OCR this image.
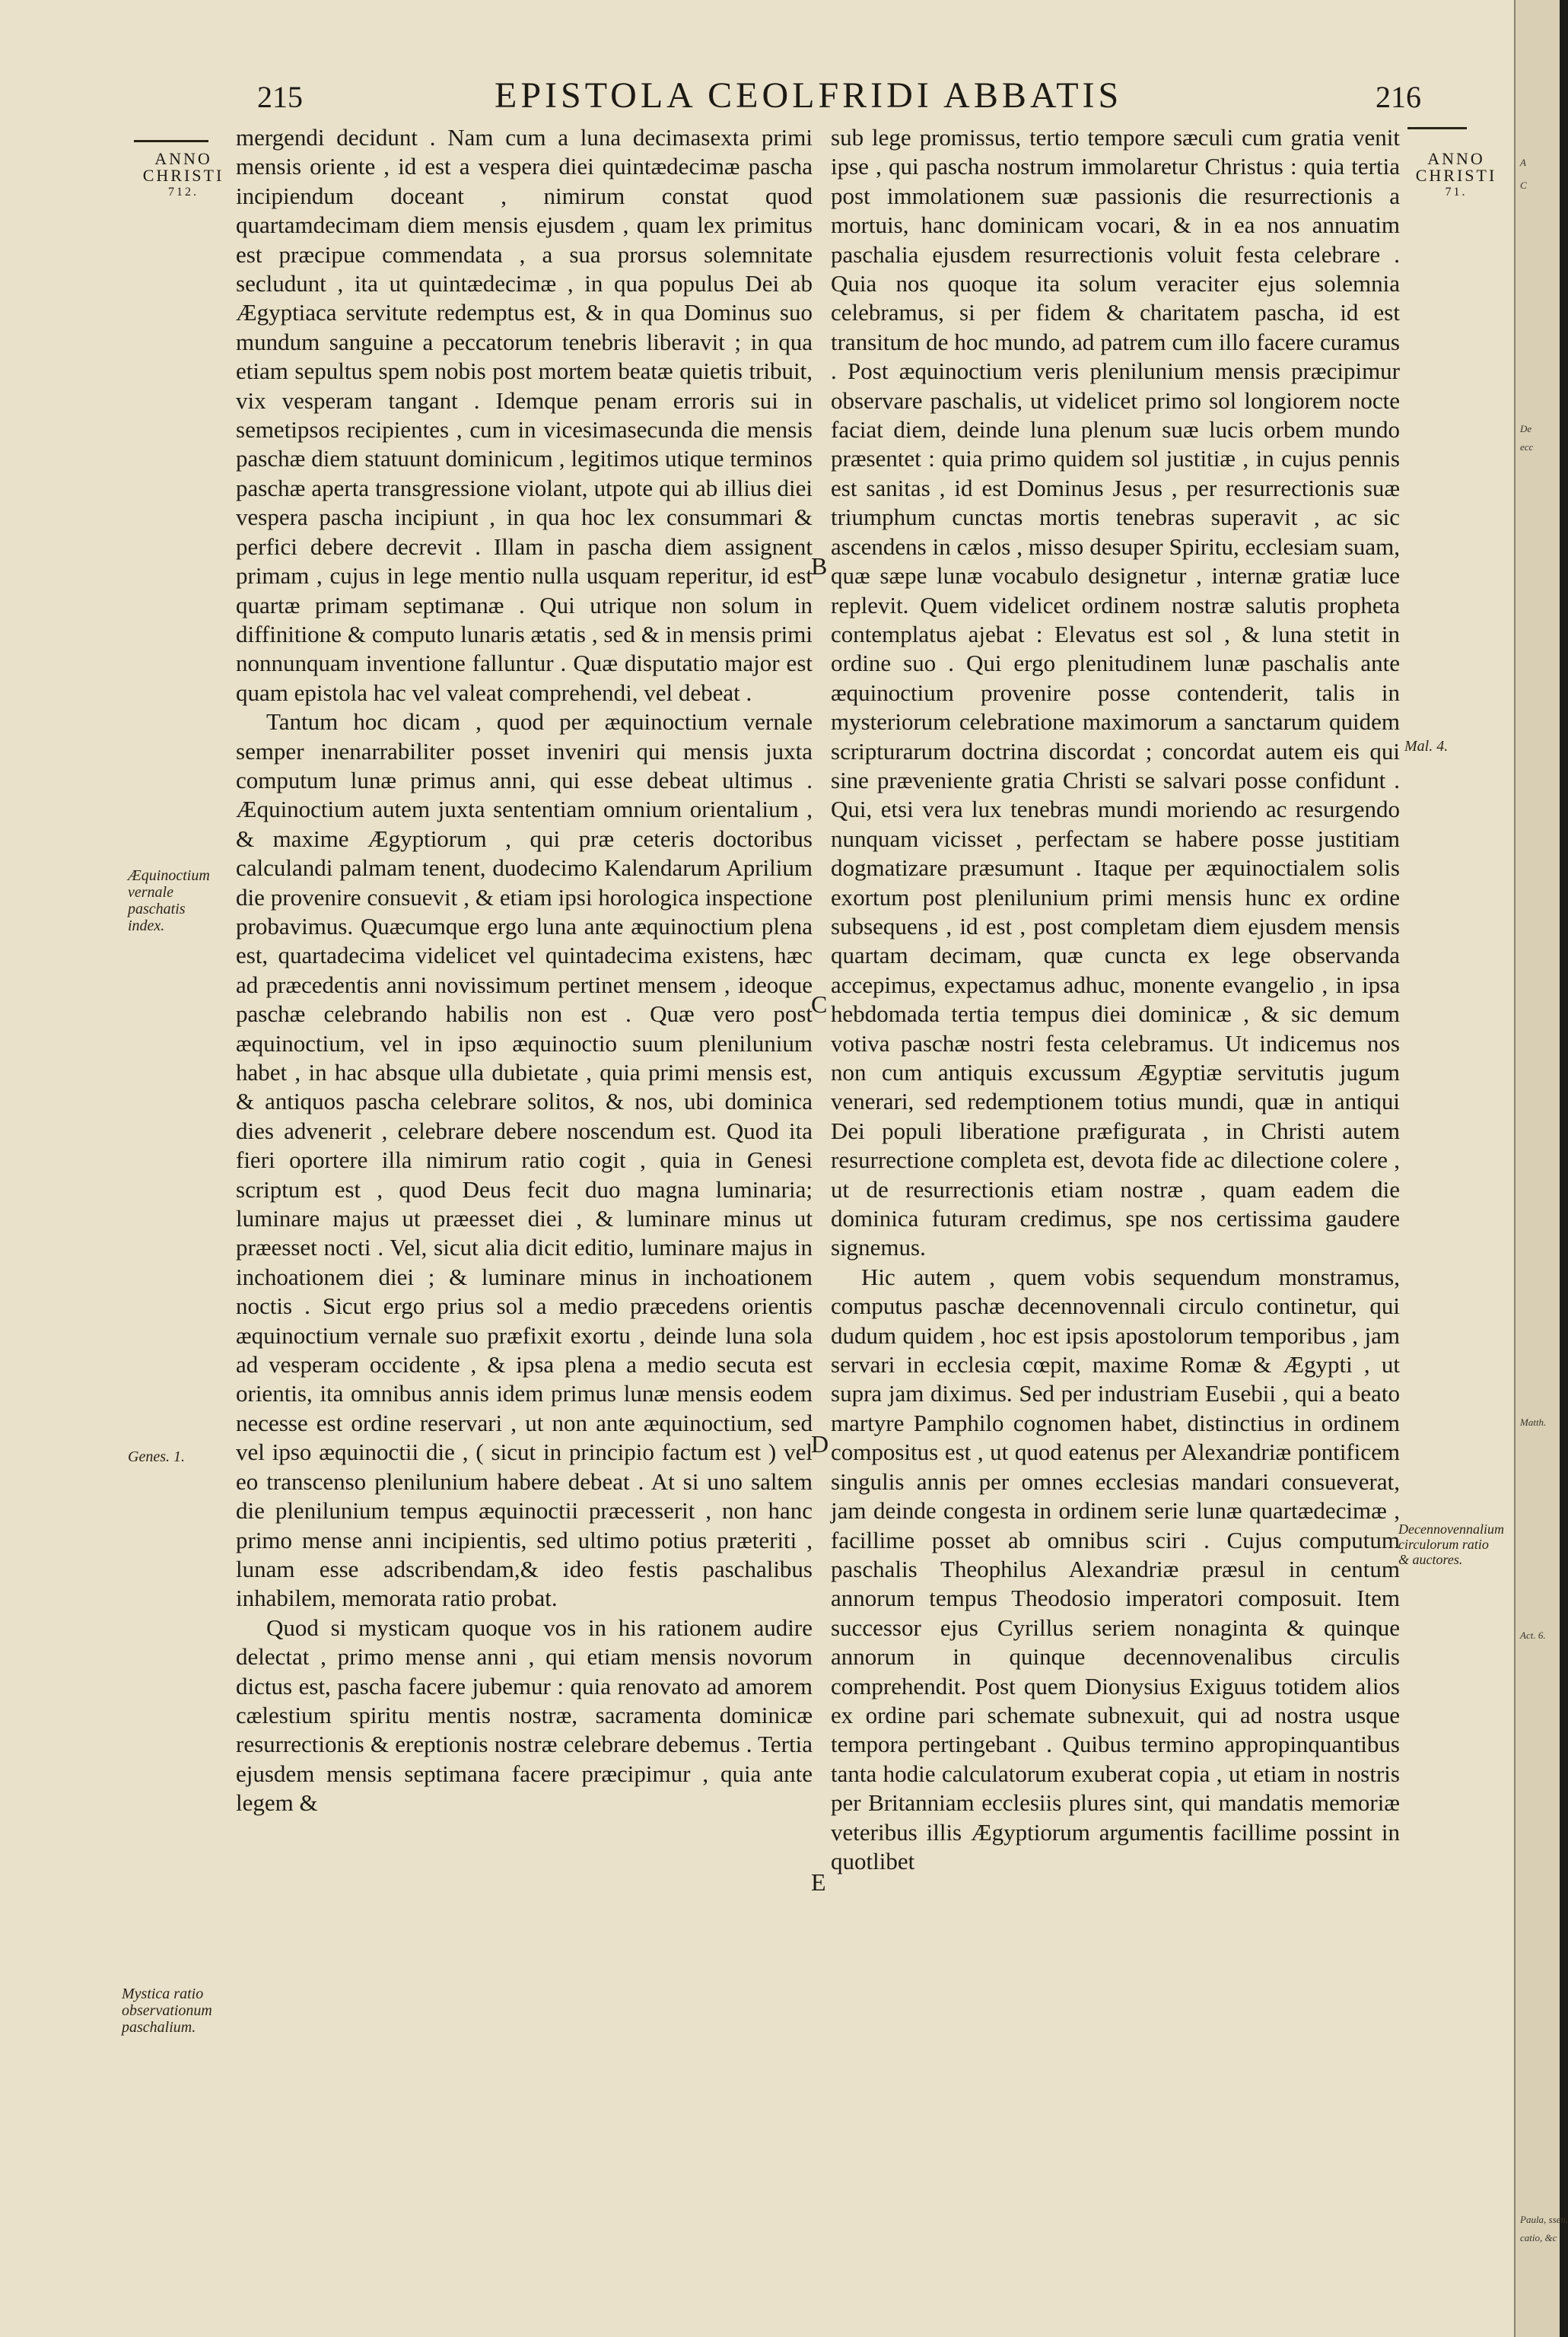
215	EPISTOLA CEOLFRIDI ABBATIS	216
ANNO
CHRISTI
712.
ANNO
CHRISTI
71.
Æquinoctium vernale paschatis index.
Genes. 1.
Mystica ratio observationum paschalium.
Mal. 4.
Decennovennalium circulorum ratio & auctores.
B
C
D
E

mergendi decidunt . Nam cum a luna decimasexta primi mensis oriente , id est a vespera diei quintædecimæ pascha incipiendum doceant , nimirum constat quod quartamdecimam diem mensis ejusdem , quam lex primitus est præcipue commendata , a sua prorsus solemnitate secludunt , ita ut quintædecimæ , in qua populus Dei ab Ægyptiaca servitute redemptus est, & in qua Dominus suo mundum sanguine a peccatorum tenebris liberavit ; in qua etiam sepultus spem nobis post mortem beatæ quietis tribuit, vix vesperam tangant . Idemque penam erroris sui in semetipsos recipientes , cum in vicesimasecunda die mensis paschæ diem statuunt dominicum , legitimos utique terminos paschæ aperta transgressione violant, utpote qui ab illius diei vespera pascha incipiunt , in qua hoc lex consummari & perfici debere decrevit . Illam in pascha diem assignent primam , cujus in lege mentio nulla usquam reperitur, id est quartæ primam septimanæ . Qui utrique non solum in diffinitione & computo lunaris ætatis , sed & in mensis primi nonnunquam inventione falluntur . Quæ disputatio major est quam epistola hac vel valeat comprehendi, vel debeat .

Tantum hoc dicam , quod per æquinoctium vernale semper inenarrabiliter posset inveniri qui mensis juxta computum lunæ primus anni, qui esse debeat ultimus . Æquinoctium autem juxta sententiam omnium orientalium , & maxime Ægyptiorum , qui præ ceteris doctoribus calculandi palmam tenent, duodecimo Kalendarum Aprilium die provenire consuevit , & etiam ipsi horologica inspectione probavimus. Quæcumque ergo luna ante æquinoctium plena est, quartadecima videlicet vel quintadecima existens, hæc ad præcedentis anni novissimum pertinet mensem , ideoque paschæ celebrando habilis non est . Quæ vero post æquinoctium, vel in ipso æquinoctio suum plenilunium habet , in hac absque ulla dubietate , quia primi mensis est, & antiquos pascha celebrare solitos, & nos, ubi dominica dies advenerit , celebrare debere noscendum est. Quod ita fieri oportere illa nimirum ratio cogit , quia in Genesi scriptum est , quod Deus fecit duo magna luminaria; luminare majus ut præesset diei , & luminare minus ut præesset nocti . Vel, sicut alia dicit editio, luminare majus in inchoationem diei ; & luminare minus in inchoationem noctis . Sicut ergo prius sol a medio præcedens orientis æquinoctium vernale suo præfixit exortu , deinde luna sola ad vesperam occidente , & ipsa plena a medio secuta est orientis, ita omnibus annis idem primus lunæ mensis eodem necesse est ordine reservari , ut non ante æquinoctium, sed vel ipso æquinoctii die , ( sicut in principio factum est ) vel eo transcenso plenilunium habere debeat . At si uno saltem die plenilunium tempus æquinoctii præcesserit , non hanc primo mense anni incipientis, sed ultimo potius præteriti , lunam esse adscribendam,& ideo festis paschalibus inhabilem, memorata ratio probat.

Quod si mysticam quoque vos in his rationem audire delectat , primo mense anni , qui etiam mensis novorum dictus est, pascha facere jubemur : quia renovato ad amorem cælestium spiritu mentis nostræ, sacramenta dominicæ resurrectionis & ereptionis nostræ celebrare debemus . Tertia ejusdem mensis septimana facere præcipimur , quia ante legem &

sub lege promissus, tertio tempore sæculi cum gratia venit ipse , qui pascha nostrum immolaretur Christus : quia tertia post immolationem suæ passionis die resurrectionis a mortuis, hanc dominicam vocari, & in ea nos annuatim paschalia ejusdem resurrectionis voluit festa celebrare . Quia nos quoque ita solum veraciter ejus solemnia celebramus, si per fidem & charitatem pascha, id est transitum de hoc mundo, ad patrem cum illo facere curamus . Post æquinoctium veris plenilunium mensis præcipimur observare paschalis, ut videlicet primo sol longiorem nocte faciat diem, deinde luna plenum suæ lucis orbem mundo præsentet : quia primo quidem sol justitiæ , in cujus pennis est sanitas , id est Dominus Jesus , per resurrectionis suæ triumphum cunctas mortis tenebras superavit , ac sic ascendens in cælos , misso desuper Spiritu, ecclesiam suam, quæ sæpe lunæ vocabulo designetur , internæ gratiæ luce replevit. Quem videlicet ordinem nostræ salutis propheta contemplatus ajebat : Elevatus est sol , & luna stetit in ordine suo . Qui ergo plenitudinem lunæ paschalis ante æquinoctium provenire posse contenderit, talis in mysteriorum celebratione maximorum a sanctarum quidem scripturarum doctrina discordat ; concordat autem eis qui sine præveniente gratia Christi se salvari posse confidunt . Qui, etsi vera lux tenebras mundi moriendo ac resurgendo nunquam vicisset , perfectam se habere posse justitiam dogmatizare præsumunt . Itaque per æquinoctialem solis exortum post plenilunium primi mensis hunc ex ordine subsequens , id est , post completam diem ejusdem mensis quartam decimam, quæ cuncta ex lege observanda accepimus, expectamus adhuc, monente evangelio , in ipsa hebdomada tertia tempus diei dominicæ , & sic demum votiva paschæ nostri festa celebramus. Ut indicemus nos non cum antiquis excussum Ægyptiæ servitutis jugum venerari, sed redemptionem totius mundi, quæ in antiqui Dei populi liberatione præfigurata , in Christi autem resurrectione completa est, devota fide ac dilectione colere , ut de resurrectionis etiam nostræ , quam eadem die dominica futuram credimus, spe nos certissima gaudere signemus.

Hic autem , quem vobis sequendum monstramus, computus paschæ decennovennali circulo continetur, qui dudum quidem , hoc est ipsis apostolorum temporibus , jam servari in ecclesia cœpit, maxime Romæ & Ægypti , ut supra jam diximus. Sed per industriam Eusebii , qui a beato martyre Pamphilo cognomen habet, distinctius in ordinem compositus est , ut quod eatenus per Alexandriæ pontificem singulis annis per omnes ecclesias mandari consueverat, jam deinde congesta in ordinem serie lunæ quartædecimæ , facillime posset ab omnibus sciri . Cujus computum paschalis Theophilus Alexandriæ præsul in centum annorum tempus Theodosio imperatori composuit. Item successor ejus Cyrillus seriem nonaginta & quinque annorum in quinque decennovenalibus circulis comprehendit. Post quem Dionysius Exiguus totidem alios ex ordine pari schemate subnexuit, qui ad nostra usque tempora pertingebant . Quibus termino appropinquantibus tanta hodie calculatorum exuberat copia , ut etiam in nostris per Britanniam ecclesiis plures sint, qui mandatis memoriæ veteribus illis Ægyptiorum argumentis facillime possint in quotlibet

A
C
De
ecc
Matth.
Act. 6.
Paula, ssen.
catio, &c
